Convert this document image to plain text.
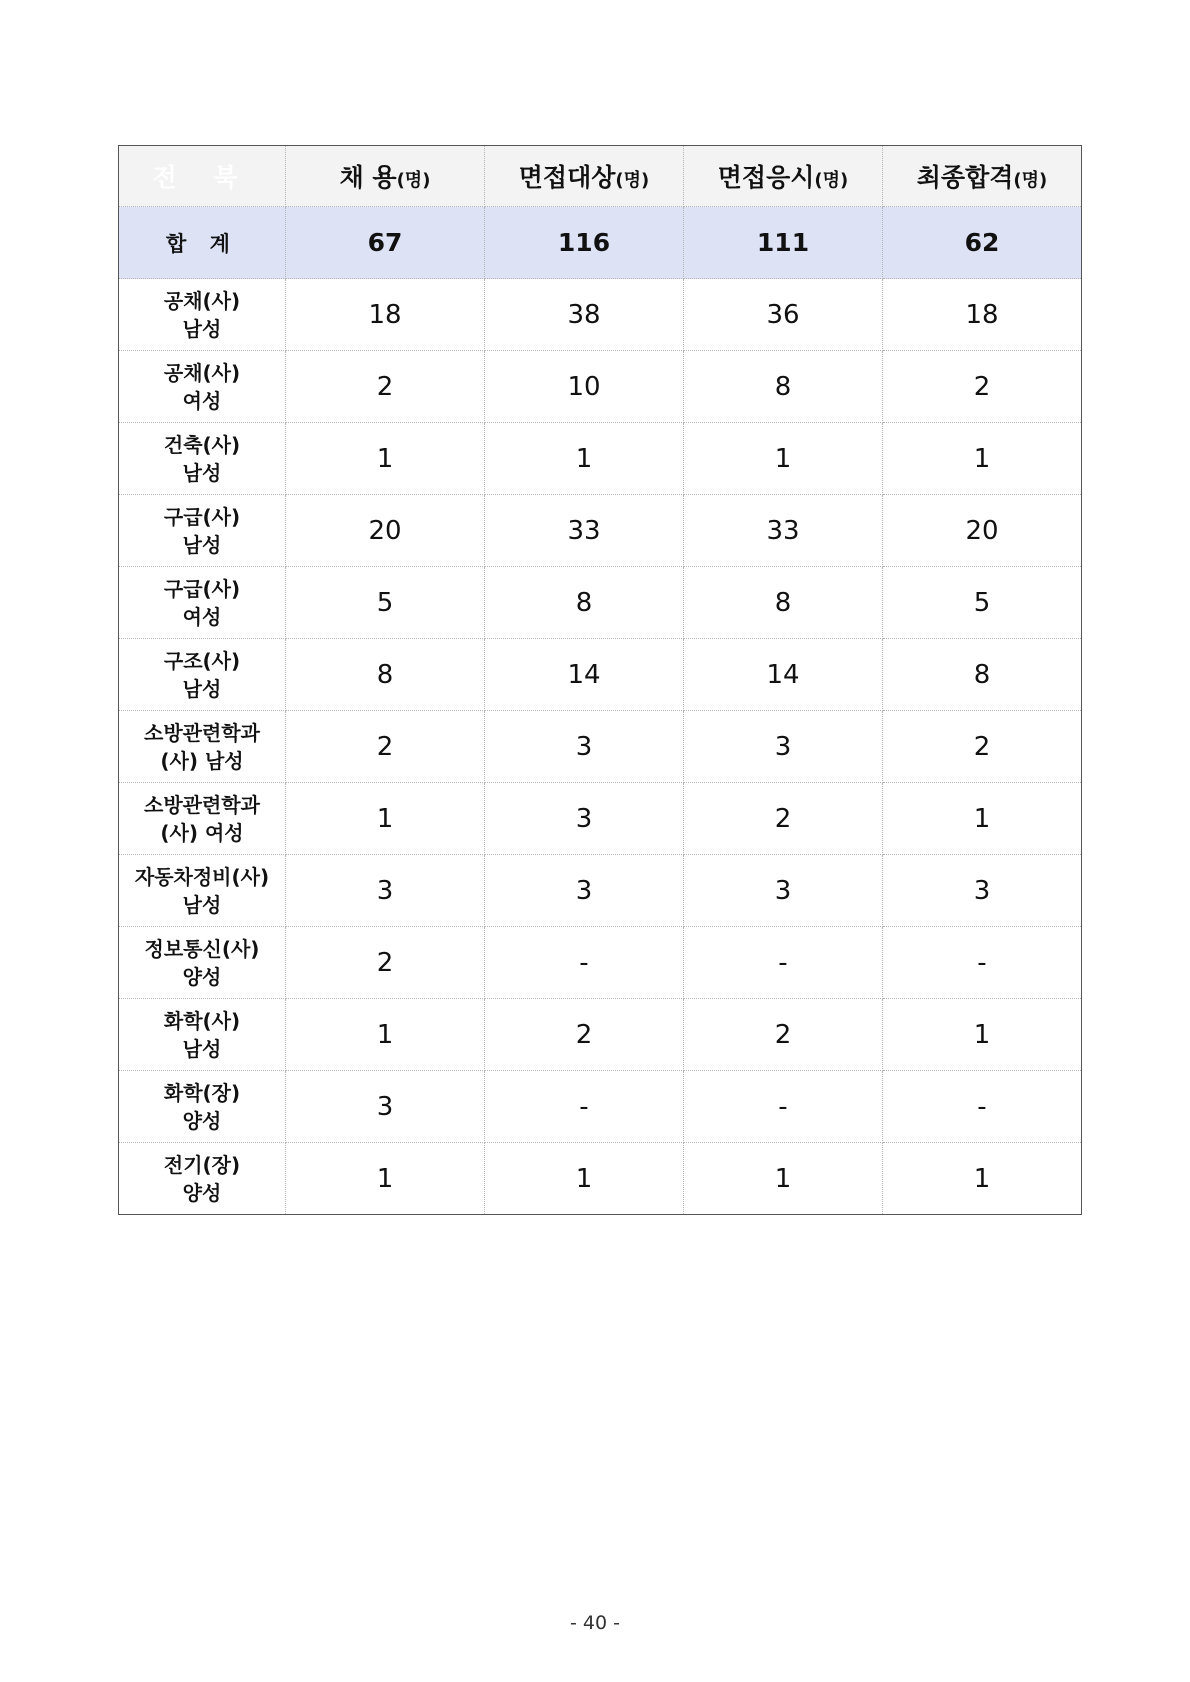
전 북	채 용(명)	면접대상(명)	면접응시(명)	최종합격(명)
합 계	67	116	111	62

공채(사)
남성	18	38	36	18

공채(사)
여성	2	10	8	2

건축(사)
남성	1	1	1	1

구급(사)
남성	20	33	33	20

구급(사)
여성	5	8	8	5

구조(사)
남성	8	14	14	8

소방관련학과
(사) 남성	2	3	3	2

소방관련학과
(사) 여성	1	3	2	1

자동차정비(사)
남성	3	3	3	3

정보통신(사)
양성	2	-	-	-

화학(사)
남성	1	2	2	1

화학(장)
양성	3	-	-	-

전기(장)
양성	1	1	1	1
- 40 -
